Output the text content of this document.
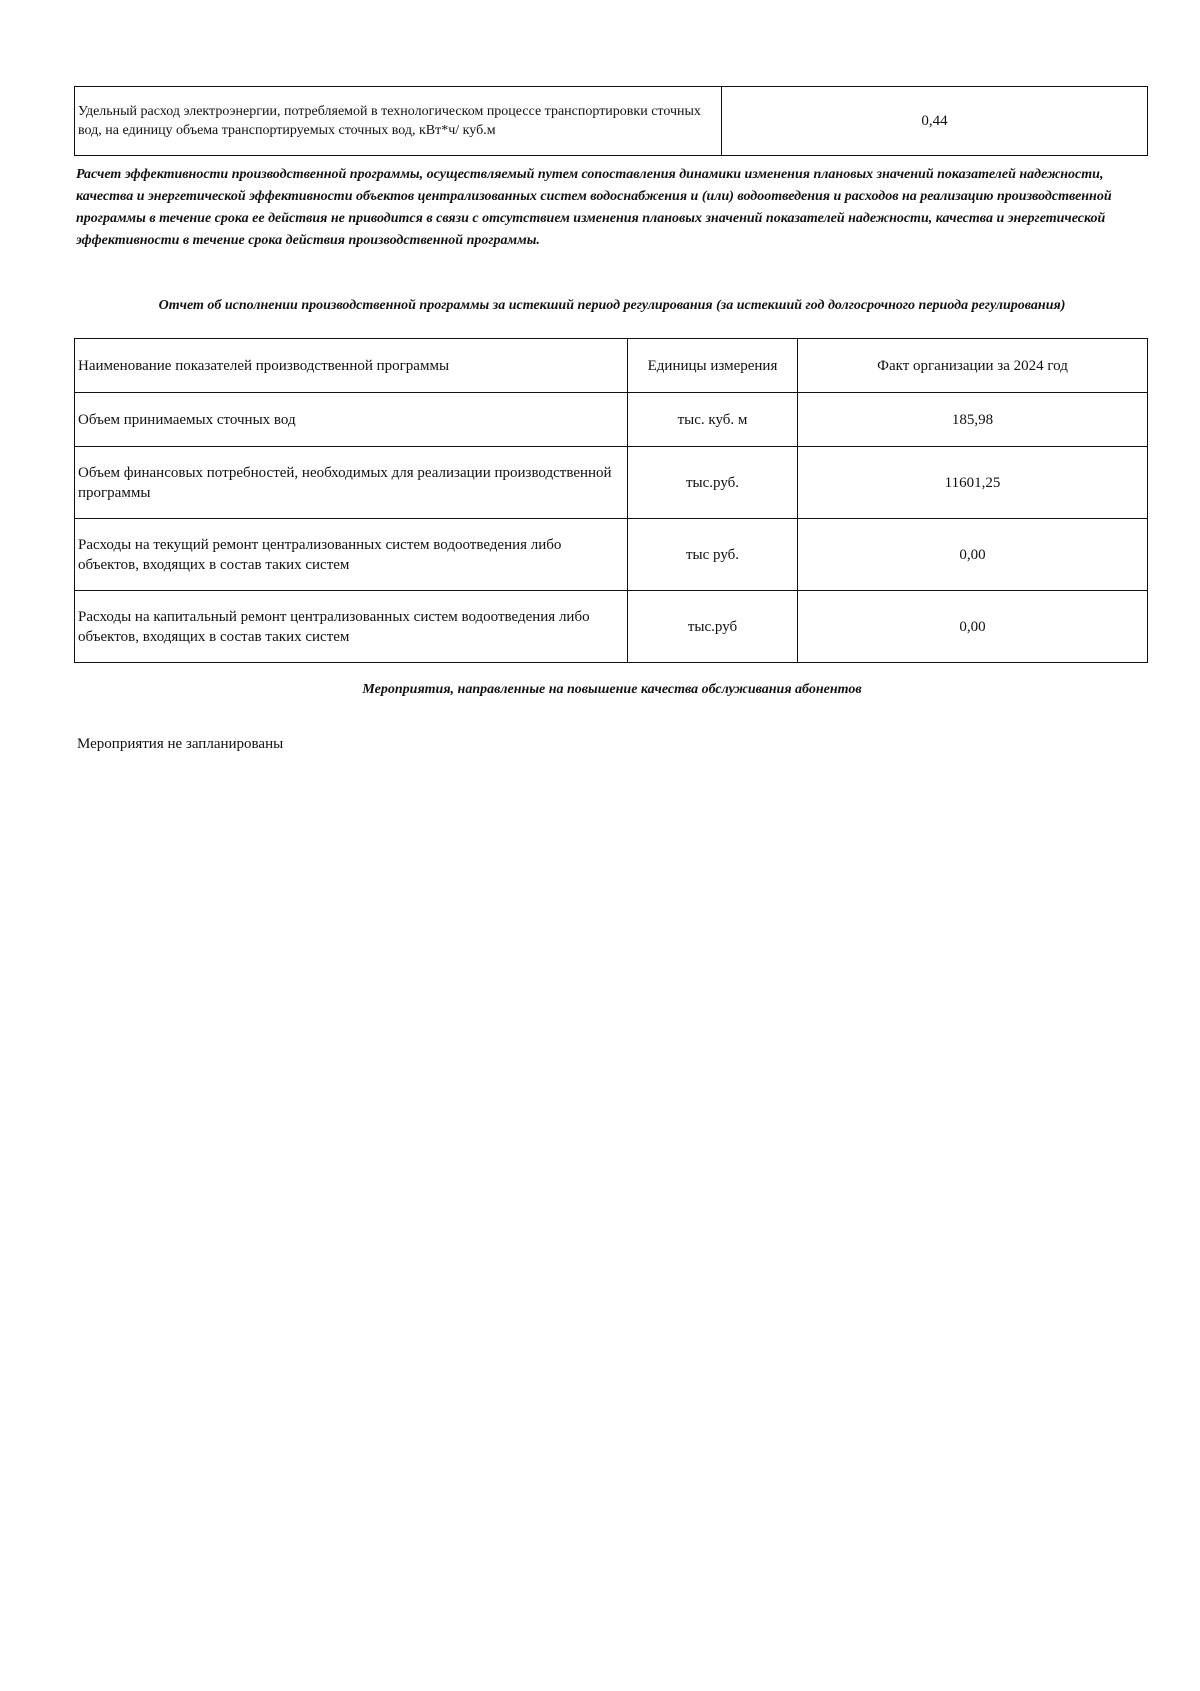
Удельный расход электроэнергии, потребляемой в технологическом процессе транспортировки сточных вод, на единицу объема транспортируемых сточных вод, кВт*ч/ куб.м	0,44

Расчет эффективности производственной программы, осуществляемый путем сопоставления динамики изменения плановых значений показателей надежности, качества и энергетической эффективности объектов централизованных систем водоснабжения и (или) водоотведения и расходов на реализацию производственной программы в течение срока ее действия не приводится в связи с отсутствием изменения плановых значений показателей надежности, качества и энергетической эффективности в течение срока действия производственной программы.

Отчет об исполнении производственной программы за истекший период регулирования (за истекший год долгосрочного периода регулирования)

Наименование показателей производственной программы	Единицы измерения	Факт организации за 2024 год
Объем принимаемых сточных вод	тыс. куб. м	185,98
Объем финансовых потребностей, необходимых для реализации производственной программы	тыс.руб.	11601,25
Расходы на текущий ремонт централизованных систем водоотведения либо объектов, входящих в состав таких систем	тыс руб.	0,00
Расходы на капитальный ремонт централизованных систем водоотведения либо объектов, входящих в состав таких систем	тыс.руб	0,00

Мероприятия, направленные на повышение качества обслуживания абонентов

Мероприятия не запланированы
